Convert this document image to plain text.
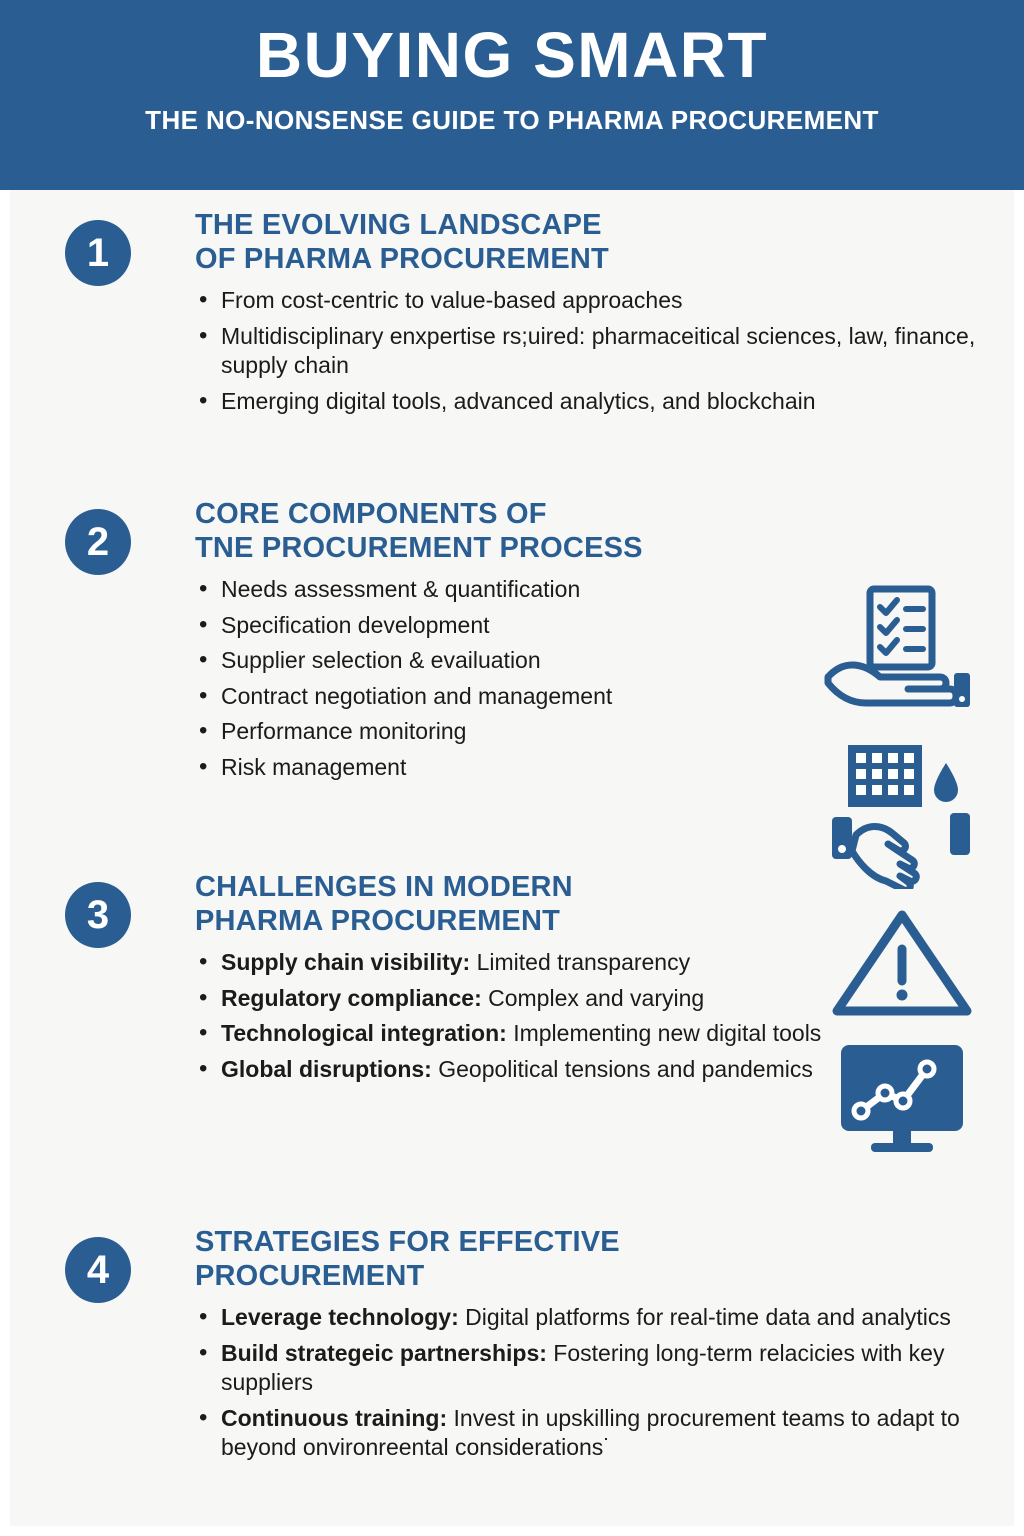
BUYING SMART
THE NO-NONSENSE GUIDE TO PHARMA PROCUREMENT
1
THE EVOLVING LANDSCAPE
OF PHARMA PROCUREMENT
• From cost-centric to value-based approaches
• Multidisciplinary enxpertise rs;uired: pharmaceitical sciences, law, finance, supply chain
• Emerging digital tools, advanced analytics, and blockchain
2
CORE COMPONENTS OF
TNE PROCUREMENT PROCESS
• Needs assessment & quantification
• Specification development
• Supplier selection & evailuation
• Contract negotiation and management
• Performance monitoring
• Risk management
3
CHALLENGES IN MODERN
PHARMA PROCUREMENT
• Supply chain visibility: Limited transparency
• Regulatory compliance: Complex and varying
• Technological integration: Implementing new digital tools
• Global disruptions: Geopolitical tensions and pandemics
4
STRATEGIES FOR EFFECTIVE
PROCUREMENT
• Leverage technology: Digital platforms for real-time data and analytics
• Build strategeic partnerships: Fostering long-term relacicies with key suppliers
• Continuous training: Invest in upskilling procurement teams to adapt to beyond onvironreental considerations˙
